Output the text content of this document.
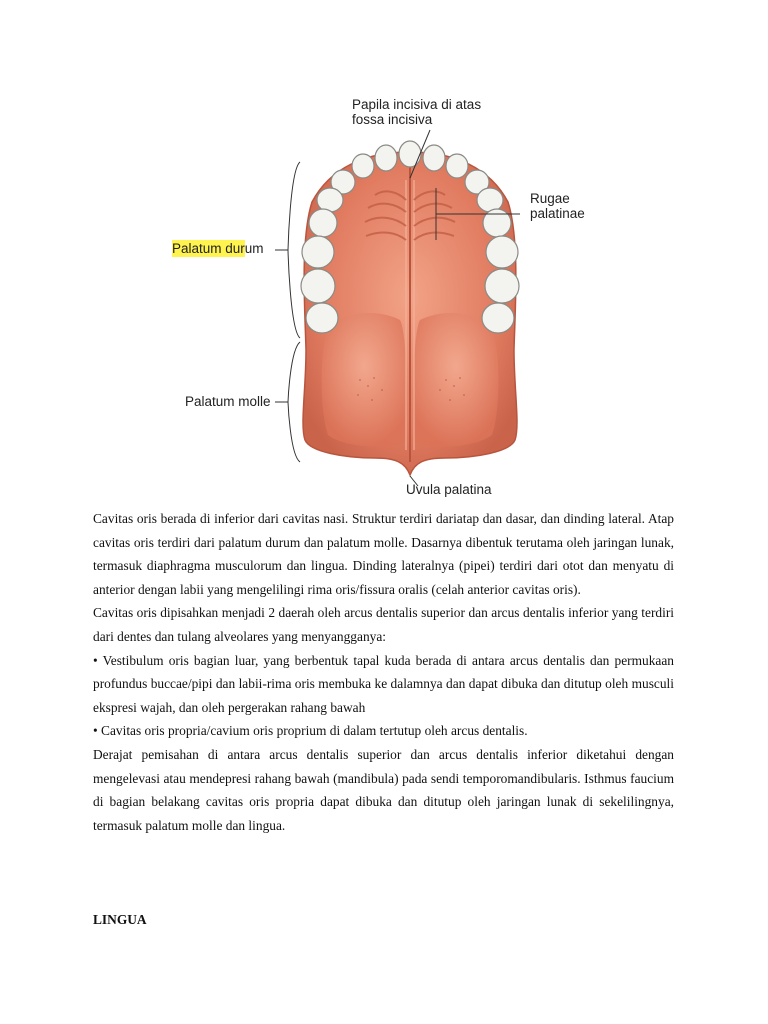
Papila incisiva di atas
fossa incisiva
Rugae
palatinae
Palatum durum
Palatum molle
Uvula palatina

Cavitas oris berada di inferior dari cavitas nasi. Struktur terdiri dariatap dan dasar, dan dinding lateral. Atap cavitas oris terdiri dari palatum durum dan palatum molle. Dasarnya dibentuk terutama oleh jaringan lunak, termasuk diaphragma musculorum dan lingua. Dinding lateralnya (pipei) terdiri dari otot dan menyatu di anterior dengan labii yang mengelilingi rima oris/fissura oralis (celah anterior cavitas oris).

Cavitas oris dipisahkan menjadi 2 daerah oleh arcus dentalis superior dan arcus dentalis inferior yang terdiri dari dentes dan tulang alveolares yang menyangganya:

• Vestibulum oris bagian luar, yang berbentuk tapal kuda berada di antara arcus dentalis dan permukaan profundus buccae/pipi dan labii-rima oris membuka ke dalamnya dan dapat dibuka dan ditutup oleh musculi ekspresi wajah, dan oleh pergerakan rahang bawah

• Cavitas oris propria/cavium oris proprium di dalam tertutup oleh arcus dentalis.

Derajat pemisahan di antara arcus dentalis superior dan arcus dentalis inferior diketahui dengan mengelevasi atau mendepresi rahang bawah (mandibula) pada sendi temporomandibularis. Isthmus faucium di bagian belakang cavitas oris propria dapat dibuka dan ditutup oleh jaringan lunak di sekelilingnya, termasuk palatum molle dan lingua.

LINGUA
